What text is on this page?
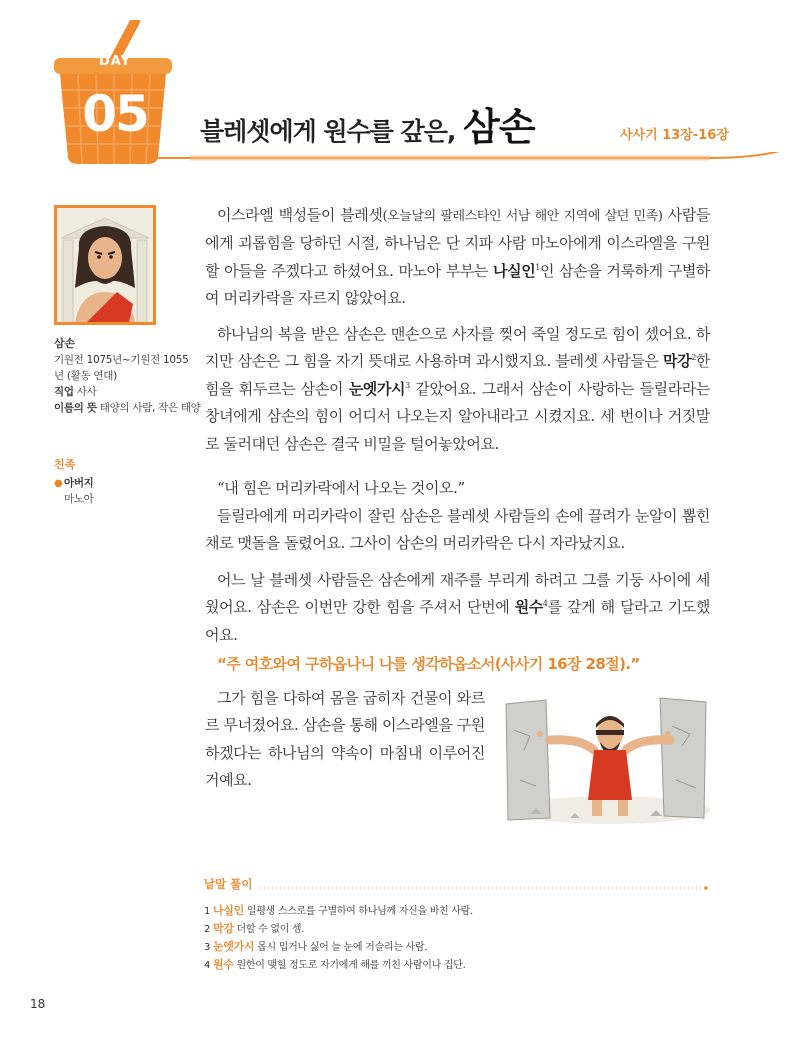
DAY
05	블레셋에게 원수를 갚은, 삼손	사사기 13장-16장
삼손
기원전 1075년~기원전 1055년 (활동 연대)
직업 사사
이름의 뜻 태양의 사람, 작은 태양
친족
● 아버지
마노아

이스라엘 백성들이 블레셋(오늘날의 팔레스타인 서남 해안 지역에 살던 민족) 사람들에게 괴롭힘을 당하던 시절, 하나님은 단 지파 사람 마노아에게 이스라엘을 구원할 아들을 주겠다고 하셨어요. 마노아 부부는 나실인$^1$인 삼손을 거룩하게 구별하여 머리카락을 자르지 않았어요.

하나님의 복을 받은 삼손은 맨손으로 사자를 찢어 죽일 정도로 힘이 셌어요. 하지만 삼손은 그 힘을 자기 뜻대로 사용하며 과시했지요. 블레셋 사람들은 막강$^2$한 힘을 휘두르는 삼손이 눈엣가시$^3$ 같았어요. 그래서 삼손이 사랑하는 들릴라라는 창녀에게 삼손의 힘이 어디서 나오는지 알아내라고 시켰지요. 세 번이나 거짓말로 둘러대던 삼손은 결국 비밀을 털어놓았어요.

“내 힘은 머리카락에서 나오는 것이오.”

들릴라에게 머리카락이 잘린 삼손은 블레셋 사람들의 손에 끌려가 눈알이 뽑힌 채로 맷돌을 돌렸어요. 그사이 삼손의 머리카락은 다시 자라났지요.

어느 날 블레셋 사람들은 삼손에게 재주를 부리게 하려고 그를 기둥 사이에 세웠어요. 삼손은 이번만 강한 힘을 주셔서 단번에 원수$^4$를 갚게 해 달라고 기도했어요.

“주 여호와여 구하옵나니 나를 생각하옵소서(사사기 16장 28절).”

그가 힘을 다하여 몸을 굽히자 건물이 와르르 무너졌어요. 삼손을 통해 이스라엘을 구원하겠다는 하나님의 약속이 마침내 이루어진 거예요.

낱말 풀이
1 나실인 일평생 스스로를 구별하여 하나님께 자신을 바친 사람.
2 막강 더할 수 없이 셈.
3 눈엣가시 몹시 밉거나 싫어 늘 눈에 거슬리는 사람.
4 원수 원한이 맺힐 정도로 자기에게 해를 끼친 사람이나 집단.
18
